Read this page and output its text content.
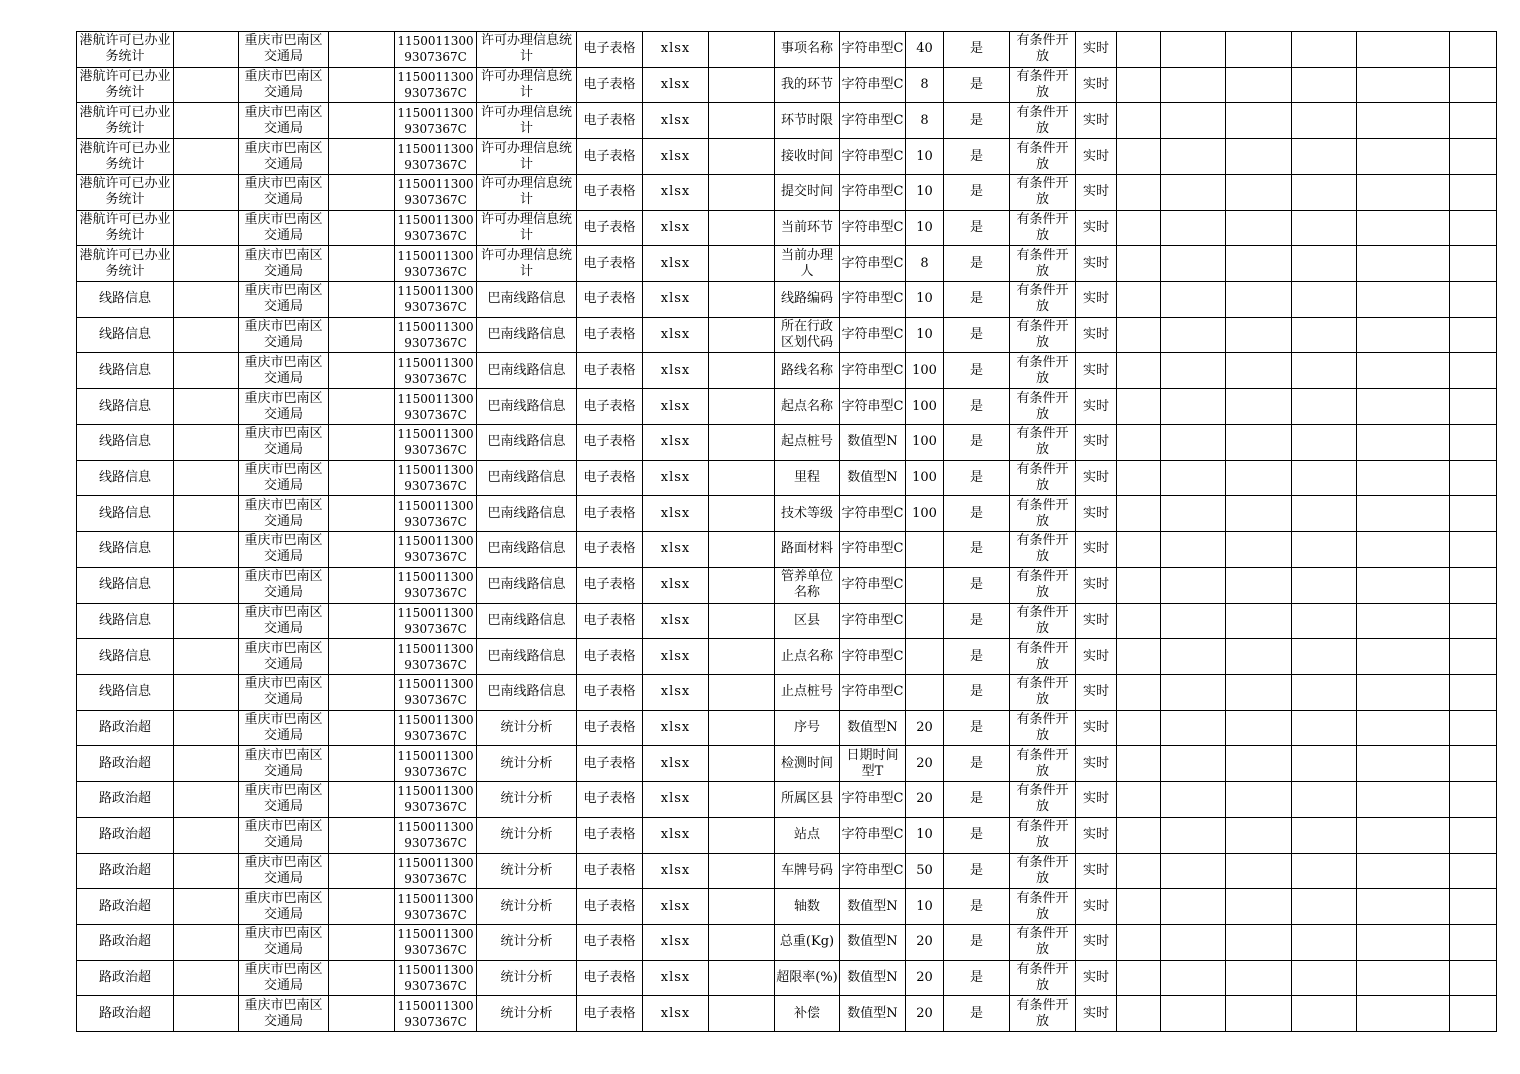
港航许可已办业务统计		重庆市巴南区交通局		11500113009307367C	许可办理信息统计	电子表格	xlsx		事项名称	字符串型C	40	是	有条件开放	实时						
港航许可已办业务统计		重庆市巴南区交通局		11500113009307367C	许可办理信息统计	电子表格	xlsx		我的环节	字符串型C	8	是	有条件开放	实时						
港航许可已办业务统计		重庆市巴南区交通局		11500113009307367C	许可办理信息统计	电子表格	xlsx		环节时限	字符串型C	8	是	有条件开放	实时						
港航许可已办业务统计		重庆市巴南区交通局		11500113009307367C	许可办理信息统计	电子表格	xlsx		接收时间	字符串型C	10	是	有条件开放	实时						
港航许可已办业务统计		重庆市巴南区交通局		11500113009307367C	许可办理信息统计	电子表格	xlsx		提交时间	字符串型C	10	是	有条件开放	实时						
港航许可已办业务统计		重庆市巴南区交通局		11500113009307367C	许可办理信息统计	电子表格	xlsx		当前环节	字符串型C	10	是	有条件开放	实时						
港航许可已办业务统计		重庆市巴南区交通局		11500113009307367C	许可办理信息统计	电子表格	xlsx		当前办理人	字符串型C	8	是	有条件开放	实时						
线路信息		重庆市巴南区交通局		11500113009307367C	巴南线路信息	电子表格	xlsx		线路编码	字符串型C	10	是	有条件开放	实时						
线路信息		重庆市巴南区交通局		11500113009307367C	巴南线路信息	电子表格	xlsx		所在行政区划代码	字符串型C	10	是	有条件开放	实时						
线路信息		重庆市巴南区交通局		11500113009307367C	巴南线路信息	电子表格	xlsx		路线名称	字符串型C	100	是	有条件开放	实时						
线路信息		重庆市巴南区交通局		11500113009307367C	巴南线路信息	电子表格	xlsx		起点名称	字符串型C	100	是	有条件开放	实时						
线路信息		重庆市巴南区交通局		11500113009307367C	巴南线路信息	电子表格	xlsx		起点桩号	数值型N	100	是	有条件开放	实时						
线路信息		重庆市巴南区交通局		11500113009307367C	巴南线路信息	电子表格	xlsx		里程	数值型N	100	是	有条件开放	实时						
线路信息		重庆市巴南区交通局		11500113009307367C	巴南线路信息	电子表格	xlsx		技术等级	字符串型C	100	是	有条件开放	实时						
线路信息		重庆市巴南区交通局		11500113009307367C	巴南线路信息	电子表格	xlsx		路面材料	字符串型C		是	有条件开放	实时						
线路信息		重庆市巴南区交通局		11500113009307367C	巴南线路信息	电子表格	xlsx		管养单位名称	字符串型C		是	有条件开放	实时						
线路信息		重庆市巴南区交通局		11500113009307367C	巴南线路信息	电子表格	xlsx		区县	字符串型C		是	有条件开放	实时						
线路信息		重庆市巴南区交通局		11500113009307367C	巴南线路信息	电子表格	xlsx		止点名称	字符串型C		是	有条件开放	实时						
线路信息		重庆市巴南区交通局		11500113009307367C	巴南线路信息	电子表格	xlsx		止点桩号	字符串型C		是	有条件开放	实时						
路政治超		重庆市巴南区交通局		11500113009307367C	统计分析	电子表格	xlsx		序号	数值型N	20	是	有条件开放	实时						
路政治超		重庆市巴南区交通局		11500113009307367C	统计分析	电子表格	xlsx		检测时间	日期时间型T	20	是	有条件开放	实时						
路政治超		重庆市巴南区交通局		11500113009307367C	统计分析	电子表格	xlsx		所属区县	字符串型C	20	是	有条件开放	实时						
路政治超		重庆市巴南区交通局		11500113009307367C	统计分析	电子表格	xlsx		站点	字符串型C	10	是	有条件开放	实时						
路政治超		重庆市巴南区交通局		11500113009307367C	统计分析	电子表格	xlsx		车牌号码	字符串型C	50	是	有条件开放	实时						
路政治超		重庆市巴南区交通局		11500113009307367C	统计分析	电子表格	xlsx		轴数	数值型N	10	是	有条件开放	实时						
路政治超		重庆市巴南区交通局		11500113009307367C	统计分析	电子表格	xlsx		总重(Kg)	数值型N	20	是	有条件开放	实时						
路政治超		重庆市巴南区交通局		11500113009307367C	统计分析	电子表格	xlsx		超限率(%)	数值型N	20	是	有条件开放	实时						
路政治超		重庆市巴南区交通局		11500113009307367C	统计分析	电子表格	xlsx		补偿	数值型N	20	是	有条件开放	实时						
